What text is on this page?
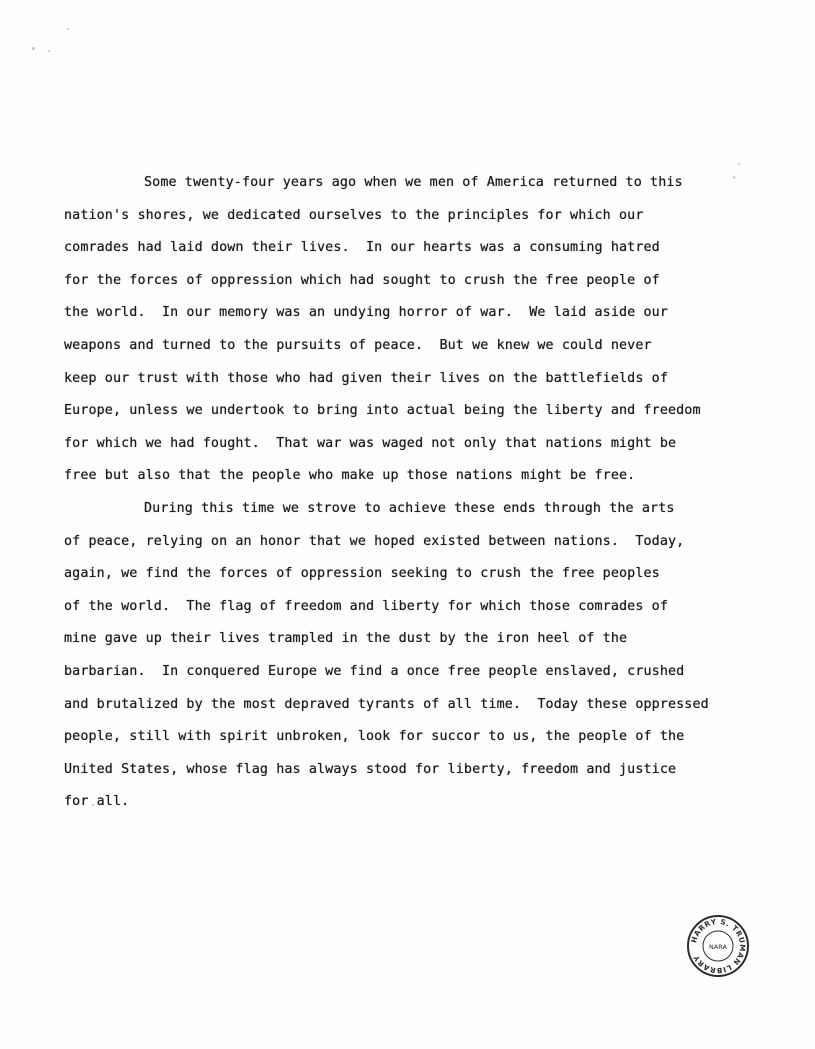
Some twenty-four years ago when we men of America returned to this
nation's shores, we dedicated ourselves to the principles for which our
comrades had laid down their lives.  In our hearts was a consuming hatred
for the forces of oppression which had sought to crush the free people of
the world.  In our memory was an undying horror of war.  We laid aside our
weapons and turned to the pursuits of peace.  But we knew we could never
keep our trust with those who had given their lives on the battlefields of
Europe, unless we undertook to bring into actual being the liberty and freedom
for which we had fought.  That war was waged not only that nations might be
free but also that the people who make up those nations might be free.
During this time we strove to achieve these ends through the arts
of peace, relying on an honor that we hoped existed between nations.  Today,
again, we find the forces of oppression seeking to crush the free peoples
of the world.  The flag of freedom and liberty for which those comrades of
mine gave up their lives trampled in the dust by the iron heel of the
barbarian.  In conquered Europe we find a once free people enslaved, crushed
and brutalized by the most depraved tyrants of all time.  Today these oppressed
people, still with spirit unbroken, look for succor to us, the people of the
United States, whose flag has always stood for liberty, freedom and justice
for all.
HARRY S. TRUMAN LIBRARY
NARA
